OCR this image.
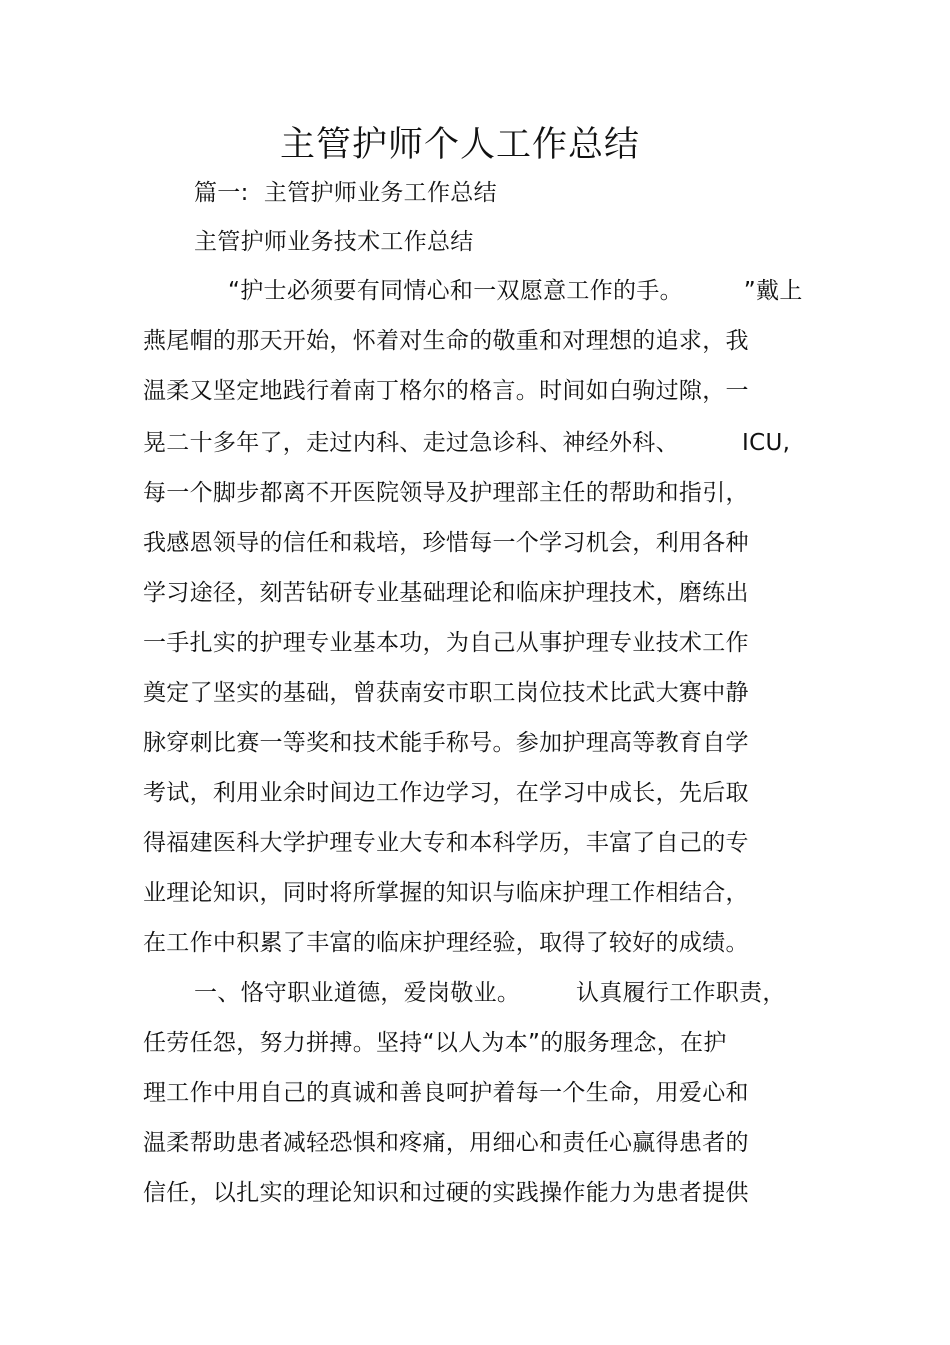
主管护师个人工作总结
篇一:  主管护师业务工作总结
主管护师业务技术工作总结
“护士必须要有同情心和一双愿意工作的手。        ”戴上
燕尾帽的那天开始，怀着对生命的敬重和对理想的追求，我
温柔又坚定地践行着南丁格尔的格言。时间如白驹过隙，一
晃二十多年了，走过内科、走过急诊科、神经外科、	ICU,
每一个脚步都离不开医院领导及护理部主任的帮助和指引，
我感恩领导的信任和栽培，珍惜每一个学习机会，利用各种
学习途径，刻苦钻研专业基础理论和临床护理技术，磨练出
一手扎实的护理专业基本功，为自己从事护理专业技术工作
奠定了坚实的基础，曾获南安市职工岗位技术比武大赛中静
脉穿刺比赛一等奖和技术能手称号。参加护理高等教育自学
考试，利用业余时间边工作边学习，在学习中成长，先后取
得福建医科大学护理专业大专和本科学历，丰富了自己的专
业理论知识，同时将所掌握的知识与临床护理工作相结合，
在工作中积累了丰富的临床护理经验，取得了较好的成绩。
一、恪守职业道德，爱岗敬业。 认真履行工作职责，
任劳任怨，努力拼搏。坚持“以人为本”的服务理念，在护
理工作中用自己的真诚和善良呵护着每一个生命，用爱心和
温柔帮助患者减轻恐惧和疼痛，用细心和责任心赢得患者的
信任，以扎实的理论知识和过硬的实践操作能力为患者提供
